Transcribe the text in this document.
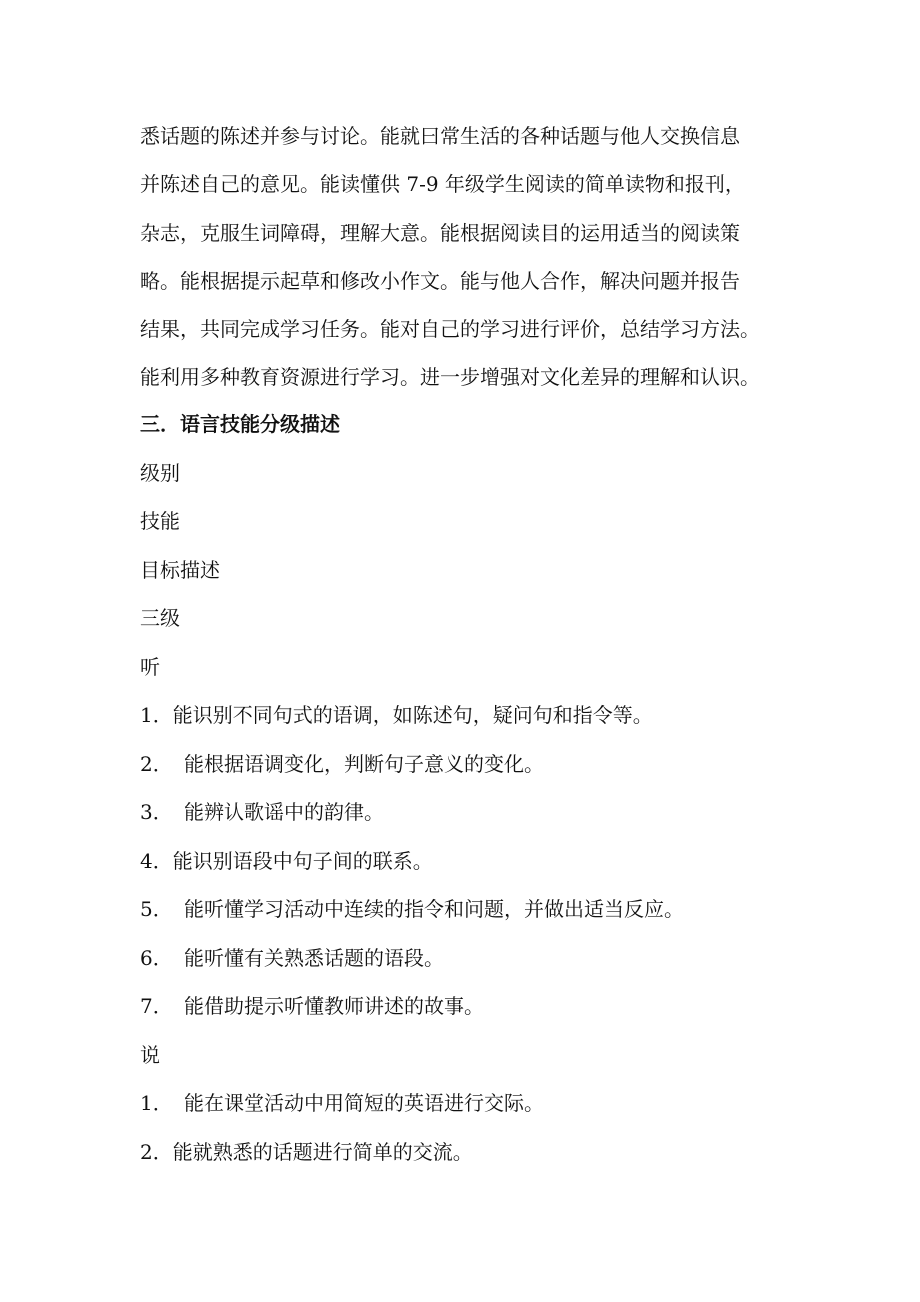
悉话题的陈述并参与讨论。能就曰常生活的各种话题与他人交换信息
并陈述自己的意见。能读懂供 7-9 年级学生阅读的简单读物和报刊，
杂志，克服生词障碍，理解大意。能根据阅读目的运用适当的阅读策
略。能根据提示起草和修改小作文。能与他人合作，解决问题并报告
结果，共同完成学习任务。能对自己的学习进行评价，总结学习方法。
能利用多种教育资源进行学习。进一步增强对文化差异的理解和认识。
三．语言技能分级描述
级别
技能
目标描述
三级
听
1．能识别不同句式的语调，如陈述句，疑问句和指令等。
2． 能根据语调变化，判断句子意义的变化。
3． 能辨认歌谣中的韵律。
4．能识别语段中句子间的联系。
5． 能听懂学习活动中连续的指令和问题，并做出适当反应。
6． 能听懂有关熟悉话题的语段。
7． 能借助提示听懂教师讲述的故事。
说
1． 能在课堂活动中用简短的英语进行交际。
2．能就熟悉的话题进行简单的交流。
